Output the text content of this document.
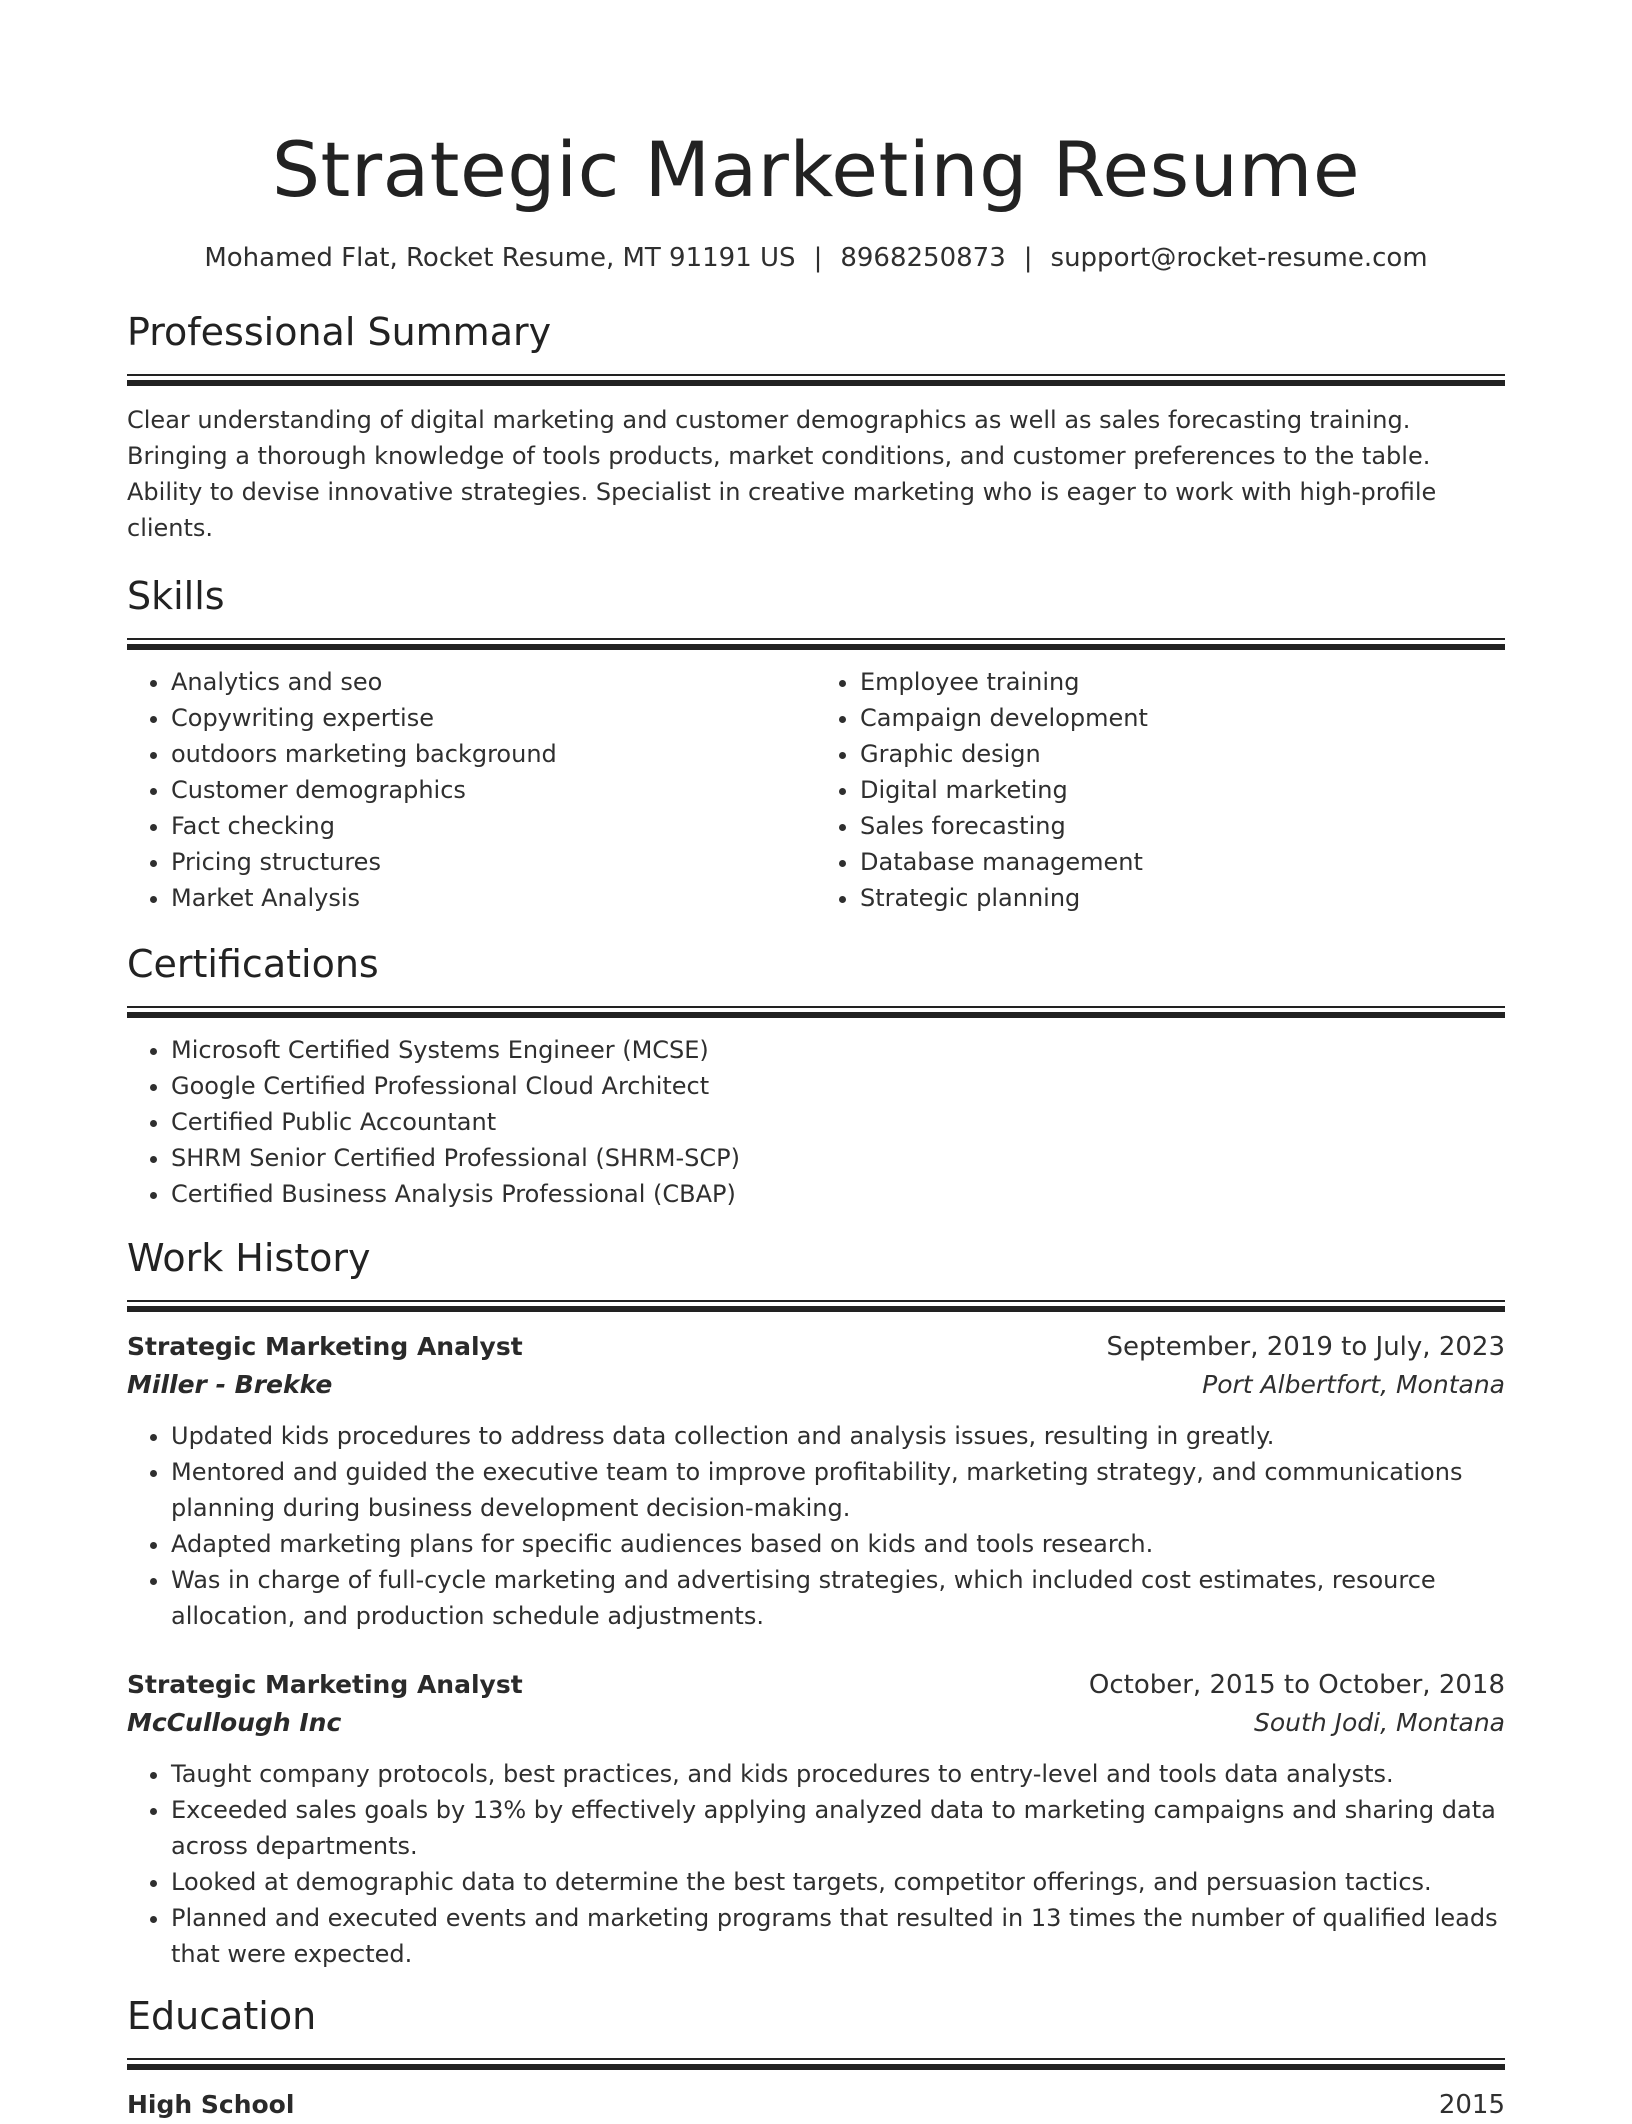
Strategic Marketing Resume
Mohamed Flat, Rocket Resume, MT 91191 US | 8968250873 | support@rocket-resume.com
Professional Summary

Clear understanding of digital marketing and customer demographics as well as sales forecasting training. Bringing a thorough knowledge of tools products, market conditions, and customer preferences to the table. Ability to devise innovative strategies. Specialist in creative marketing who is eager to work with high-profile clients.

Skills
• Analytics and seo
• Copywriting expertise
• outdoors marketing background
• Customer demographics
• Fact checking
• Pricing structures
• Market Analysis
• Employee training
• Campaign development
• Graphic design
• Digital marketing
• Sales forecasting
• Database management
• Strategic planning
Certifications
• Microsoft Certified Systems Engineer (MCSE)
• Google Certified Professional Cloud Architect
• Certified Public Accountant
• SHRM Senior Certified Professional (SHRM-SCP)
• Certified Business Analysis Professional (CBAP)
Work History
Strategic Marketing Analyst	September, 2019 to July, 2023
Miller - Brekke	Port Albertfort, Montana
• Updated kids procedures to address data collection and analysis issues, resulting in greatly.
• Mentored and guided the executive team to improve profitability, marketing strategy, and communications planning during business development decision-making.
• Adapted marketing plans for specific audiences based on kids and tools research.
• Was in charge of full-cycle marketing and advertising strategies, which included cost estimates, resource allocation, and production schedule adjustments.
Strategic Marketing Analyst	October, 2015 to October, 2018
McCullough Inc	South Jodi, Montana
• Taught company protocols, best practices, and kids procedures to entry-level and tools data analysts.
• Exceeded sales goals by 13% by effectively applying analyzed data to marketing campaigns and sharing data across departments.
• Looked at demographic data to determine the best targets, competitor offerings, and persuasion tactics.
• Planned and executed events and marketing programs that resulted in 13 times the number of qualified leads that were expected.
Education
High School	2015
